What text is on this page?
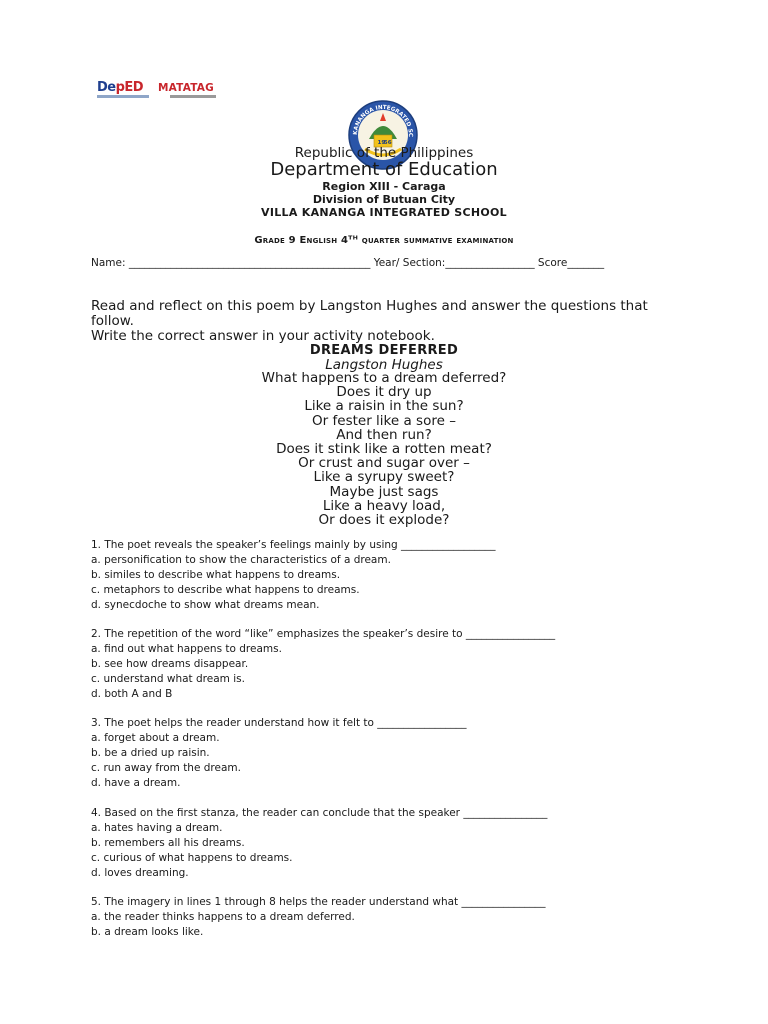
DepED MATATAG
KANANGA INTEGRATED SC
19
56
Republic of the Philippines
Department of Education
Region XIII - Caraga
Division of Butuan City
VILLA KANANGA INTEGRATED SCHOOL
Grade 9 English 4ᵀᴴ quarter summative examination
Name: ______________________________________________ Year/ Section:_________________ Score_______
Read and reflect on this poem by Langston Hughes and answer the questions that follow.
Write the correct answer in your activity notebook.
DREAMS DEFERRED
Langston Hughes
What happens to a dream deferred?
Does it dry up
Like a raisin in the sun?
Or fester like a sore –
And then run?
Does it stink like a rotten meat?
Or crust and sugar over –
Like a syrupy sweet?
Maybe just sags
Like a heavy load,
Or does it explode?
1. The poet reveals the speaker’s feelings mainly by using __________________
a. personification to show the characteristics of a dream.
b. similes to describe what happens to dreams.
c. metaphors to describe what happens to dreams.
d. synecdoche to show what dreams mean.
2. The repetition of the word “like” emphasizes the speaker’s desire to _________________
a. find out what happens to dreams.
b. see how dreams disappear.
c. understand what dream is.
d. both A and B
3. The poet helps the reader understand how it felt to _________________
a. forget about a dream.
b. be a dried up raisin.
c. run away from the dream.
d. have a dream.
4. Based on the first stanza, the reader can conclude that the speaker ________________
a. hates having a dream.
b. remembers all his dreams.
c. curious of what happens to dreams.
d. loves dreaming.
5. The imagery in lines 1 through 8 helps the reader understand what ________________
a. the reader thinks happens to a dream deferred.
b. a dream looks like.
